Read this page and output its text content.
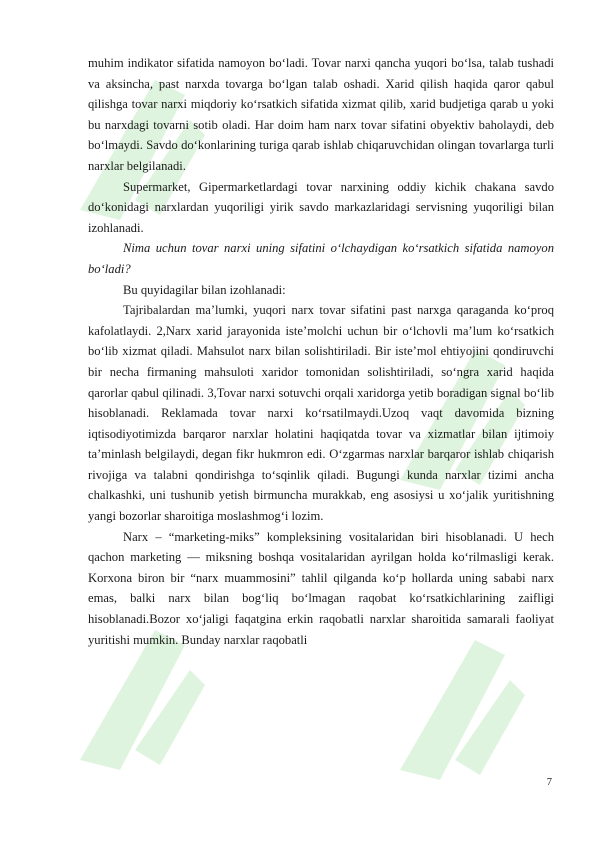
muhim indikator sifatida namoyon bo‘ladi. Tovar narxi qancha yuqori bo‘lsa, talab tushadi va aksincha, past narxda tovarga bo‘lgan talab oshadi. Xarid qilish haqida qaror qabul qilishga tovar narxi miqdoriy ko‘rsatkich sifatida xizmat qilib, xarid budjetiga qarab u yoki bu narxdagi tovarni sotib oladi. Har doim ham narx tovar sifatini obyektiv baholaydi, deb bo‘lmaydi. Savdo do‘konlarining turiga qarab ishlab chiqaruvchidan olingan tovarlarga turli narxlar belgilanadi.

Supermarket, Gipermarketlardagi tovar narxining oddiy kichik chakana savdo do‘konidagi narxlardan yuqoriligi yirik savdo markazlaridagi servisning yuqoriligi bilan izohlanadi.

Nima uchun tovar narxi uning sifatini o‘lchaydigan ko‘rsatkich sifatida namoyon bo‘ladi?

Bu quyidagilar bilan izohlanadi:

Tajribalardan ma’lumki, yuqori narx tovar sifatini past narxga qaraganda ko‘proq kafolatlaydi. 2,Narx xarid jarayonida iste’molchi uchun bir o‘lchovli ma’lum ko‘rsatkich bo‘lib xizmat qiladi. Mahsulot narx bilan solishtiriladi. Bir iste’mol ehtiyojini qondiruvchi bir necha firmaning mahsuloti xaridor tomonidan solishtiriladi, so‘ngra xarid haqida qarorlar qabul qilinadi. 3,Tovar narxi sotuvchi orqali xaridorga yetib boradigan signal bo‘lib hisoblanadi. Reklamada tovar narxi ko‘rsatilmaydi.Uzoq vaqt davomida bizning iqtisodiyotimizda barqaror narxlar holatini haqiqatda tovar va xizmatlar bilan ijtimoiy ta’minlash belgilaydi, degan fikr hukmron edi. O‘zgarmas narxlar barqaror ishlab chiqarish rivojiga va talabni qondirishga to‘sqinlik qiladi. Bugungi kunda narxlar tizimi ancha chalkashki, uni tushunib yetish birmuncha murakkab, eng asosiysi u xo‘jalik yuritishning yangi bozorlar sharoitiga moslashmog‘i lozim.

Narx – “marketing-miks” kompleksining vositalaridan biri hisoblanadi. U hech qachon marketing — miksning boshqa vositalaridan ayrilgan holda ko‘rilmasligi kerak. Korxona biron bir “narx muammosini” tahlil qilganda ko‘p hollarda uning sababi narx emas, balki narx bilan bog‘liq bo‘lmagan raqobat ko‘rsatkichlarining zaifligi hisoblanadi.Bozor xo‘jaligi faqatgina erkin raqobatli narxlar sharoitida samarali faoliyat yuritishi mumkin. Bunday narxlar raqobatli

7
